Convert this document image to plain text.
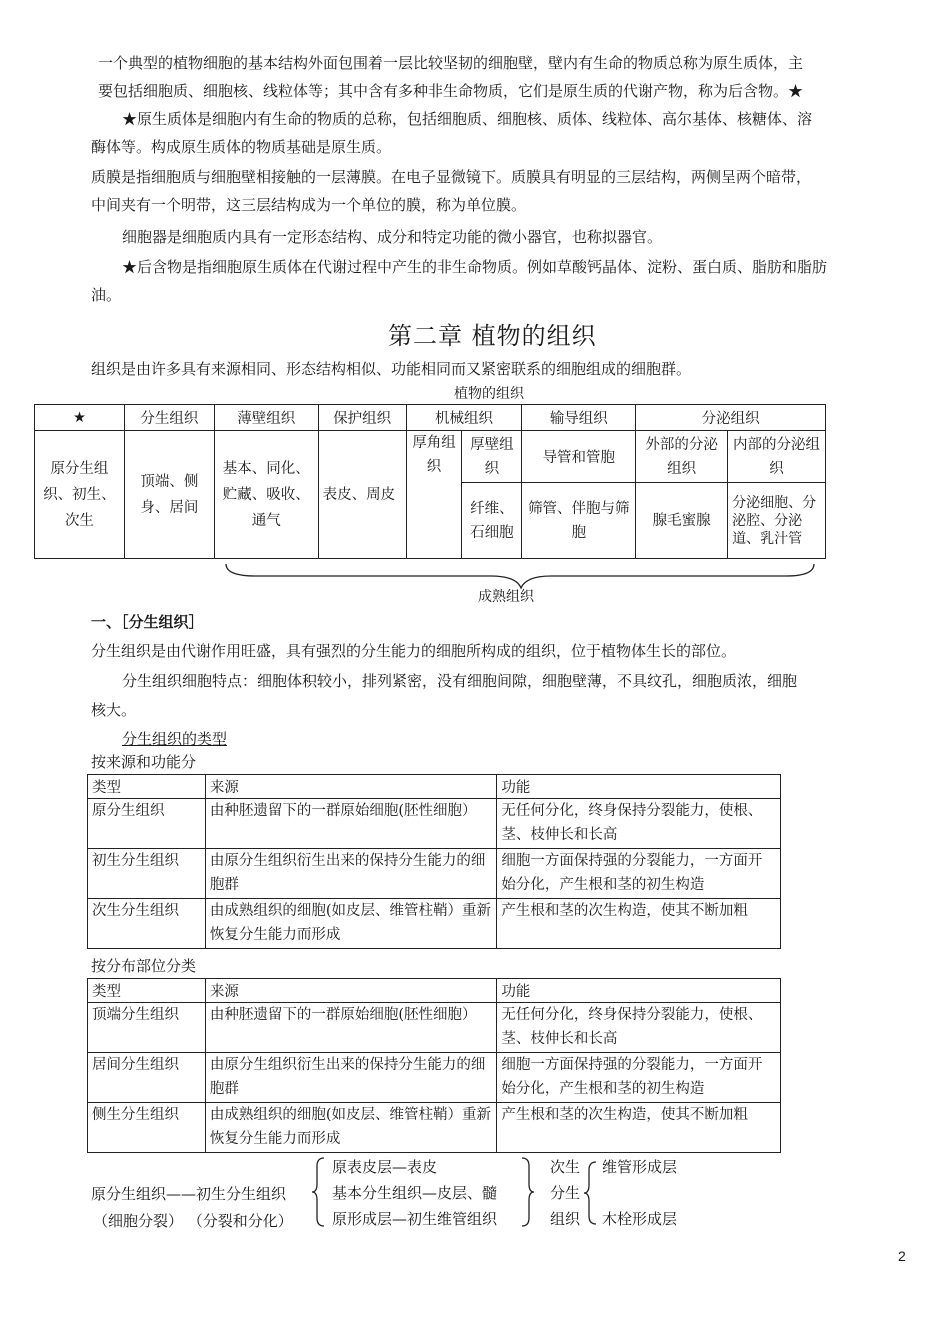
一个典型的植物细胞的基本结构外面包围着一层比较坚韧的细胞壁，壁内有生命的物质总称为原生质体，主
要包括细胞质、细胞核、线粒体等；其中含有多种非生命物质，它们是原生质的代谢产物，称为后含物。★
★原生质体是细胞内有生命的物质的总称，包括细胞质、细胞核、质体、线粒体、高尔基体、核糖体、溶
酶体等。构成原生质体的物质基础是原生质。
质膜是指细胞质与细胞壁相接触的一层薄膜。在电子显微镜下。质膜具有明显的三层结构，两侧呈两个暗带，
中间夹有一个明带，这三层结构成为一个单位的膜，称为单位膜。
细胞器是细胞质内具有一定形态结构、成分和特定功能的微小器官，也称拟器官。
★后含物是指细胞原生质体在代谢过程中产生的非生命物质。例如草酸钙晶体、淀粉、蛋白质、脂肪和脂肪
油。
第二章 植物的组织
组织是由许多具有来源相同、形态结构相似、功能相同而又紧密联系的细胞组成的细胞群。
植物的组织
★	分生组织	薄壁组织	保护组织	机械组织		输导组织	分泌组织	
原分生组织、初生、次生	顶端、侧身、居间	基本、同化、贮藏、吸收、通气	表皮、周皮	厚角组织	厚壁组织	导管和管胞	外部的分泌组织	内部的分泌组织
					纤维、石细胞	筛管、伴胞与筛胞	腺毛蜜腺	分泌细胞、分泌腔、分泌道、乳汁管
成熟组织
一、［分生组织］
分生组织是由代谢作用旺盛，具有强烈的分生能力的细胞所构成的组织，位于植物体生长的部位。
分生组织细胞特点：细胞体积较小，排列紧密，没有细胞间隙，细胞壁薄，不具纹孔，细胞质浓，细胞
核大。
分生组织的类型
按来源和功能分
类型	来源	功能
原分生组织	由种胚遗留下的一群原始细胞(胚性细胞）	无任何分化，终身保持分裂能力，使根、茎、枝伸长和长高
初生分生组织	由原分生组织衍生出来的保持分生能力的细胞群	细胞一方面保持强的分裂能力，一方面开始分化，产生根和茎的初生构造
次生分生组织	由成熟组织的细胞(如皮层、维管柱鞘）重新恢复分生能力而形成	产生根和茎的次生构造，使其不断加粗
按分布部位分类
类型	来源	功能
顶端分生组织	由种胚遗留下的一群原始细胞(胚性细胞）	无任何分化，终身保持分裂能力，使根、茎、枝伸长和长高
居间分生组织	由原分生组织衍生出来的保持分生能力的细胞群	细胞一方面保持强的分裂能力，一方面开始分化，产生根和茎的初生构造
侧生分生组织	由成熟组织的细胞(如皮层、维管柱鞘）重新恢复分生能力而形成	产生根和茎的次生构造，使其不断加粗
原分生组织——初生分生组织
（细胞分裂） （分裂和分化）
原表皮层—表皮
基本分生组织—皮层、髓
原形成层—初生维管组织
次生
分生
组织
维管形成层
木栓形成层
2
